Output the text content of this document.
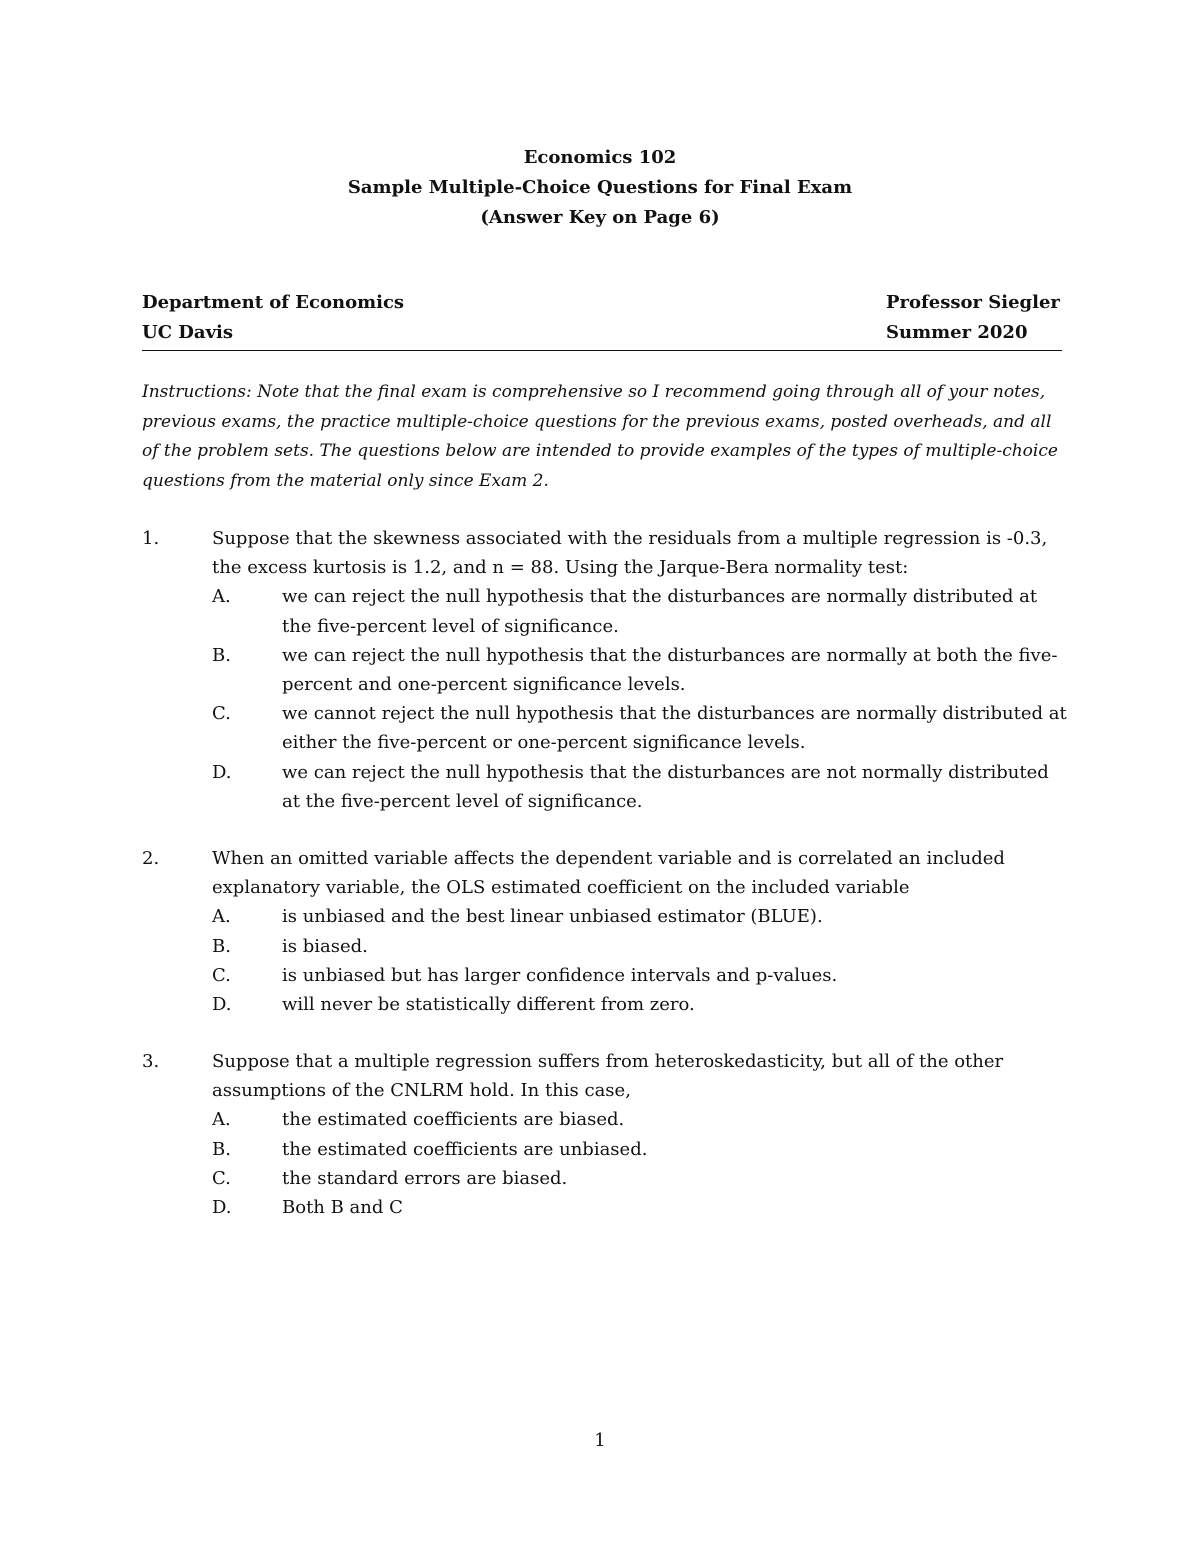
Economics 102
Sample Multiple-Choice Questions for Final Exam
(Answer Key on Page 6)
Department of Economics	Professor Siegler
UC Davis	Summer 2020
Instructions: Note that the final exam is comprehensive so I recommend going through all of your notes, previous exams, the practice multiple-choice questions for the previous exams, posted overheads, and all of the problem sets. The questions below are intended to provide examples of the types of multiple-choice questions from the material only since Exam 2.
1.	Suppose that the skewness associated with the residuals from a multiple regression is -0.3, the excess kurtosis is 1.2, and n = 88. Using the Jarque-Bera normality test:
A.	we can reject the null hypothesis that the disturbances are normally distributed at the five-percent level of significance.
B.	we can reject the null hypothesis that the disturbances are normally at both the five-percent and one-percent significance levels.
C.	we cannot reject the null hypothesis that the disturbances are normally distributed at either the five-percent or one-percent significance levels.
D.	we can reject the null hypothesis that the disturbances are not normally distributed at the five-percent level of significance.
2.	When an omitted variable affects the dependent variable and is correlated an included explanatory variable, the OLS estimated coefficient on the included variable
A.	is unbiased and the best linear unbiased estimator (BLUE).
B.	is biased.
C.	is unbiased but has larger confidence intervals and p-values.
D.	will never be statistically different from zero.
3.	Suppose that a multiple regression suffers from heteroskedasticity, but all of the other assumptions of the CNLRM hold. In this case,
A.	the estimated coefficients are biased.
B.	the estimated coefficients are unbiased.
C.	the standard errors are biased.
D.	Both B and C
1
